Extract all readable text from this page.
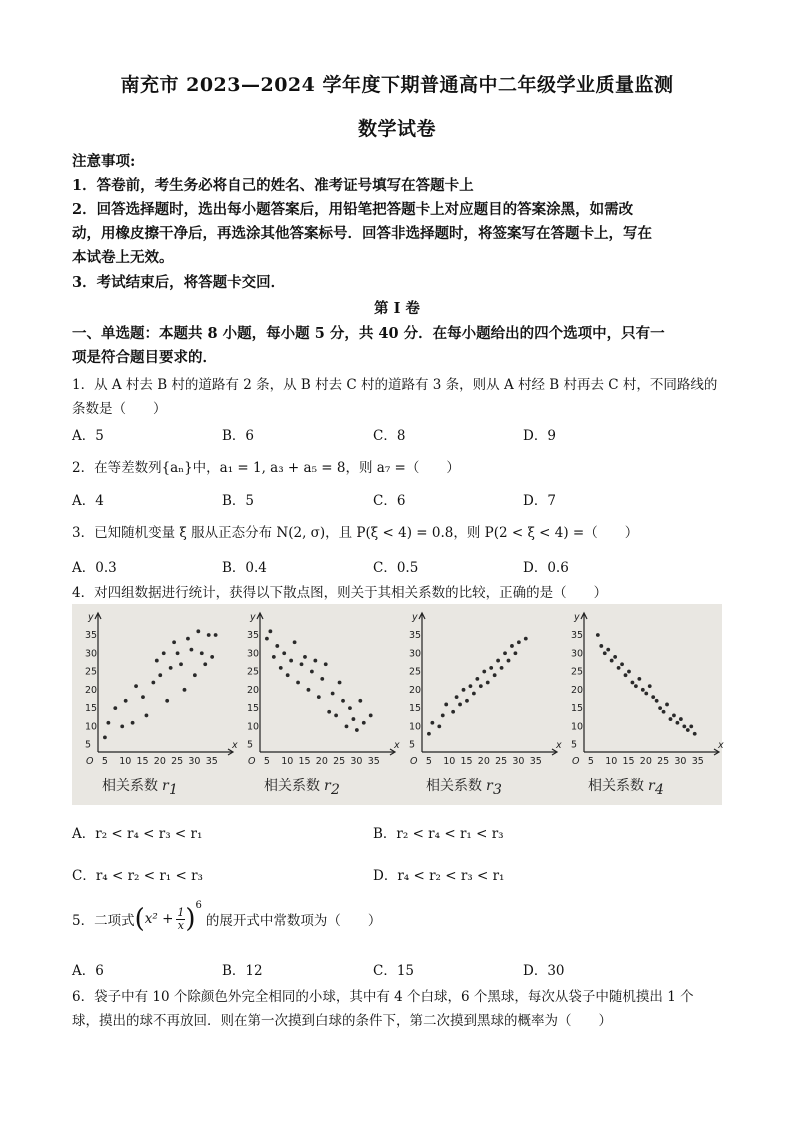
南充市 2023—2024 学年度下期普通高中二年级学业质量监测
数学试卷
注意事项:
1．答卷前，考生务必将自己的姓名、准考证号填写在答题卡上
2．回答选择题时，选出每小题答案后，用铅笔把答题卡上对应题目的答案涂黑，如需改
动，用橡皮擦干净后，再选涂其他答案标号．回答非选择题时，将签案写在答题卡上，写在
本试卷上无效。
3．考试结束后，将答题卡交回．
第 I 卷
一、单选题：本题共 8 小题，每小题 5 分，共 40 分．在每小题给出的四个选项中，只有一
项是符合题目要求的．
1．从 A 村去 B 村的道路有 2 条，从 B 村去 C 村的道路有 3 条，则从 A 村经 B 村再去 C 村，不同路线的
条数是（　　）
A．5	B．6	C．8	D．9
2．在等差数列{aₙ}中，a₁ = 1, a₃ + a₅ = 8，则 a₇ =（　　）
A．4	B．5	C．6	D．7
3．已知随机变量 ξ 服从正态分布 N(2, σ)，且 P(ξ < 4) = 0.8，则 P(2 < ξ < 4) =（　　）
A．0.3	B．0.4	C．0.5	D．0.6
4．对四组数据进行统计，获得以下散点图，则关于其相关系数的比较，正确的是（　　）
y
x
O 5 10 15 20 25 30 35
5
10
15
20
25
30
35
相关系数 r 1
y
x
O 5 10 15 20 25 30 35
5
10
15
20
25
30
35
相关系数 r 2
y
x
O 5 10 15 20 25 30 35
5
10
15
20
25
30
35
相关系数 r 3
y
x
O 5 10 15 20 25 30 35
5
10
15
20
25
30
35
相关系数 r 4
A．r₂ < r₄ < r₃ < r₁	B．r₂ < r₄ < r₁ < r₃
C．r₄ < r₂ < r₁ < r₃	D．r₄ < r₂ < r₃ < r₁
5．二项式 ( $x^2 + \frac{1}{x}$ ) 6
的展开式中常数项为（　　）
A．6	B．12	C．15	D．30
6．袋子中有 10 个除颜色外完全相同的小球，其中有 4 个白球，6 个黑球，每次从袋子中随机摸出 1 个
球，摸出的球不再放回．则在第一次摸到白球的条件下，第二次摸到黑球的概率为（　　）
